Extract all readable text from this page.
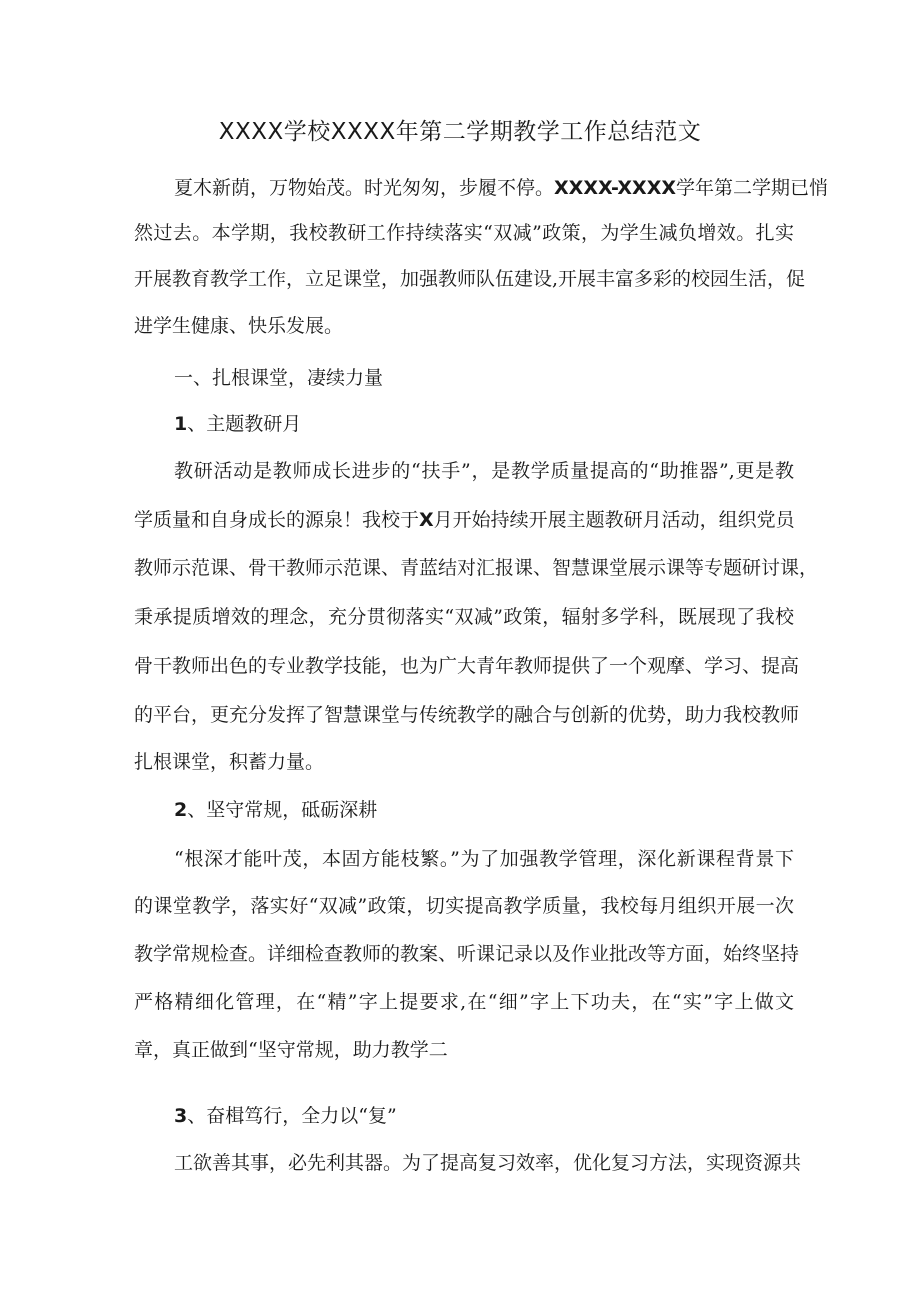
XXXX学校XXXX年第二学期教学工作总结范文
夏木新荫，万物始茂。时光匆匆，步履不停。XXXX-XXXX学年第二学期已悄
然过去。本学期，我校教研工作持续落实“双减”政策，为学生减负增效。扎实
开展教育教学工作，立足课堂，加强教师队伍建设,开展丰富多彩的校园生活，促
进学生健康、快乐发展。
一、扎根课堂，凄续力量
1、主题教研月
教研活动是教师成长进步的“扶手”，是教学质量提高的“助推器”,更是教
学质量和自身成长的源泉！我校于X月开始持续开展主题教研月活动，组织党员
教师示范课、骨干教师示范课、青蓝结对汇报课、智慧课堂展示课等专题研讨课，
秉承提质增效的理念，充分贯彻落实“双减”政策，辐射多学科，既展现了我校
骨干教师出色的专业教学技能，也为广大青年教师提供了一个观摩、学习、提高
的平台，更充分发挥了智慧课堂与传统教学的融合与创新的优势，助力我校教师
扎根课堂，积蓄力量。
2、坚守常规，砥砺深耕
“根深才能叶茂，本固方能枝繁。”为了加强教学管理，深化新课程背景下
的课堂教学，落实好“双减”政策，切实提高教学质量，我校每月组织开展一次
教学常规检查。详细检查教师的教案、听课记录以及作业批改等方面，始终坚持
严格精细化管理，在“精”字上提要求,在“细”字上下功夫，在“实”字上做文
章，真正做到“坚守常规，助力教学二
3、奋楫笃行，全力以“复”
工欲善其事，必先利其器。为了提高复习效率，优化复习方法，实现资源共
